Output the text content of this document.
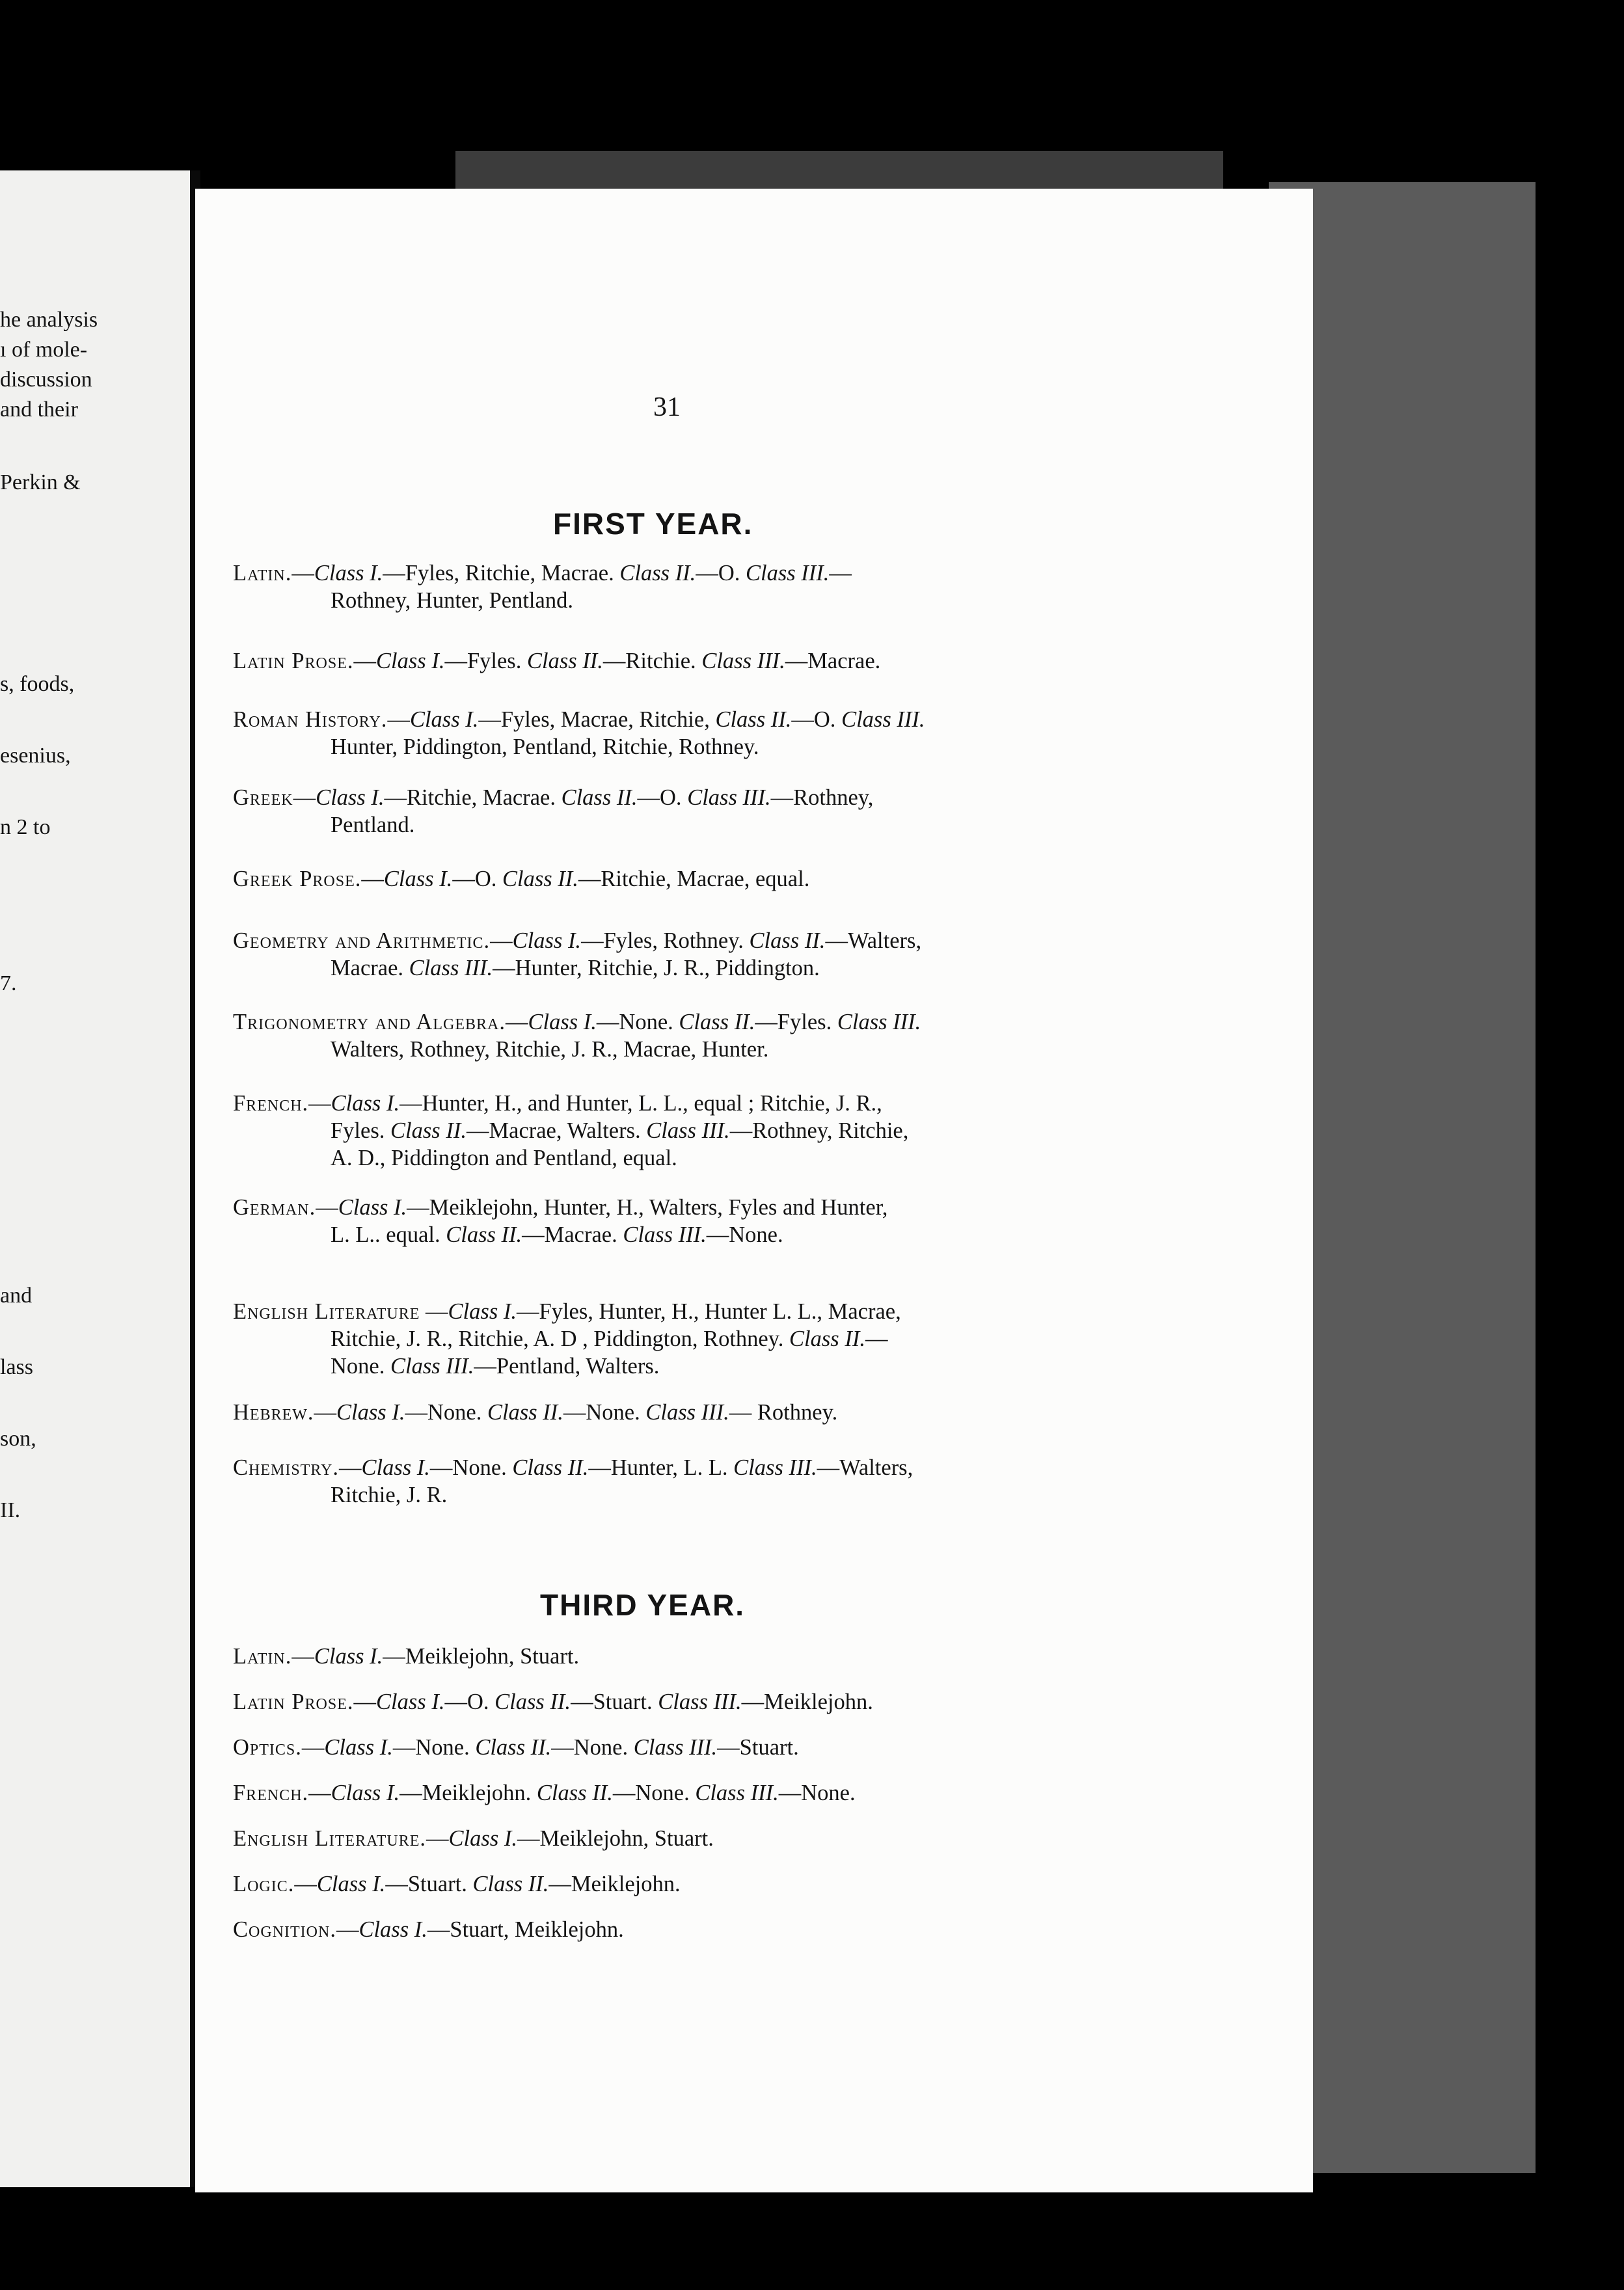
he analysis
ı of mole-
discussion
and their
Perkin &
s, foods,
esenius,
n 2 to
7.
and
lass
son,
II.
31
FIRST YEAR.
Latin.—Class I.—Fyles, Ritchie, Macrae. Class II.—O. Class III.—
Rothney, Hunter, Pentland.
Latin Prose.—Class I.—Fyles. Class II.—Ritchie. Class III.—Macrae.
Roman History.—Class I.—Fyles, Macrae, Ritchie, Class II.—O. Class III.
Hunter, Piddington, Pentland, Ritchie, Rothney.
Greek—Class I.—Ritchie, Macrae. Class II.—O. Class III.—Rothney,
Pentland.
Greek Prose.—Class I.—O. Class II.—Ritchie, Macrae, equal.
Geometry and Arithmetic.—Class I.—Fyles, Rothney. Class II.—Walters,
Macrae. Class III.—Hunter, Ritchie, J. R., Piddington.
Trigonometry and Algebra.—Class I.—None. Class II.—Fyles. Class III.
Walters, Rothney, Ritchie, J. R., Macrae, Hunter.
French.—Class I.—Hunter, H., and Hunter, L. L., equal ; Ritchie, J. R.,
Fyles. Class II.—Macrae, Walters. Class III.—Rothney, Ritchie,
A. D., Piddington and Pentland, equal.
German.—Class I.—Meiklejohn, Hunter, H., Walters, Fyles and Hunter,
L. L.. equal. Class II.—Macrae. Class III.—None.
English Literature —Class I.—Fyles, Hunter, H., Hunter L. L., Macrae,
Ritchie, J. R., Ritchie, A. D , Piddington, Rothney. Class II.—
None. Class III.—Pentland, Walters.
Hebrew.—Class I.—None. Class II.—None. Class III.— Rothney.
Chemistry.—Class I.—None. Class II.—Hunter, L. L. Class III.—Walters,
Ritchie, J. R.
THIRD YEAR.
Latin.—Class I.—Meiklejohn, Stuart.
Latin Prose.—Class I.—O. Class II.—Stuart. Class III.—Meiklejohn.
Optics.—Class I.—None. Class II.—None. Class III.—Stuart.
French.—Class I.—Meiklejohn. Class II.—None. Class III.—None.
English Literature.—Class I.—Meiklejohn, Stuart.
Logic.—Class I.—Stuart. Class II.—Meiklejohn.
Cognition.—Class I.—Stuart, Meiklejohn.
